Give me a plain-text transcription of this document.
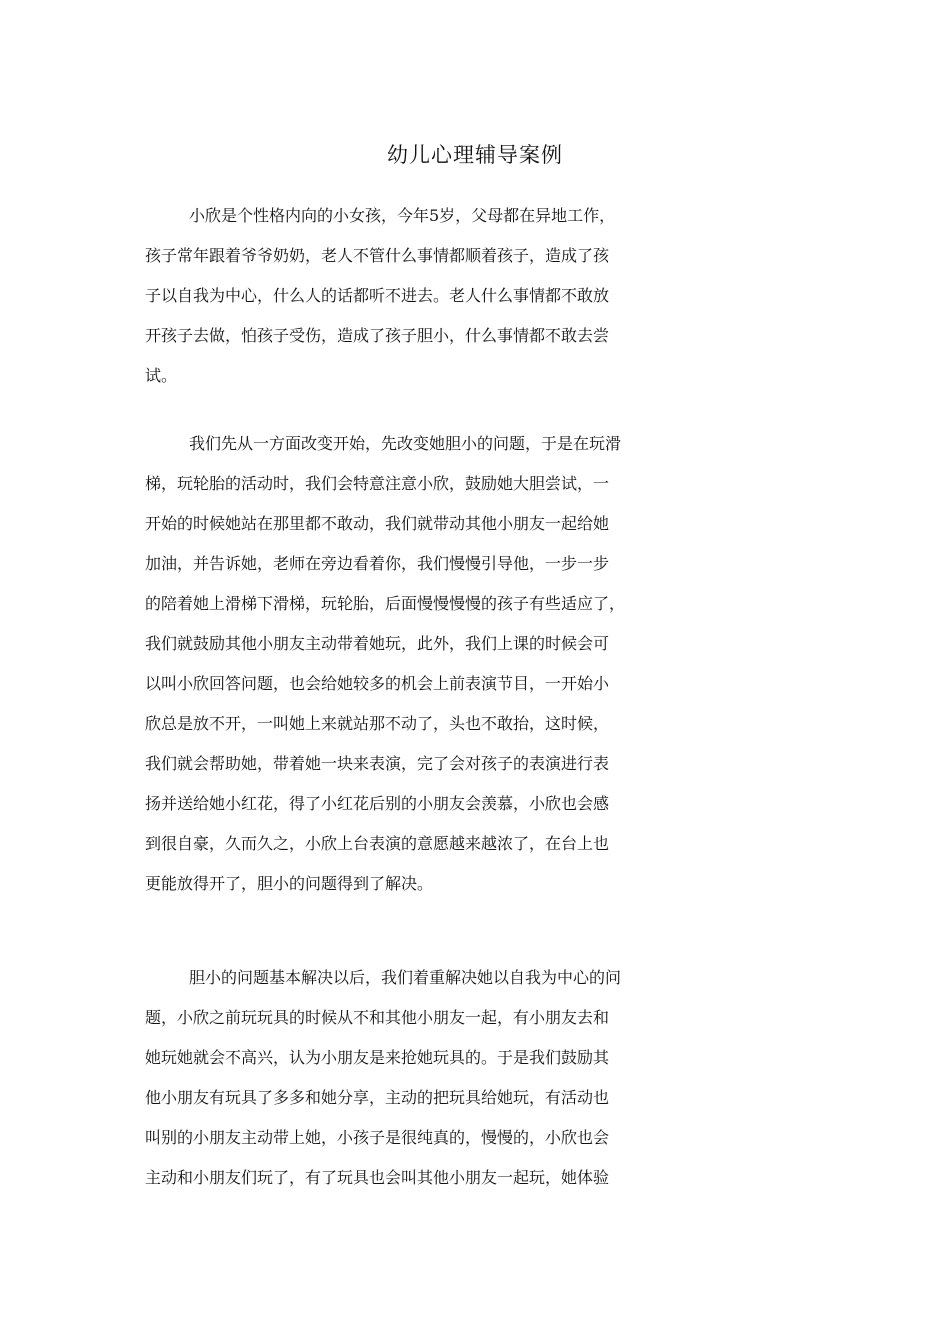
幼儿心理辅导案例
小欣是个性格内向的小女孩，今年5岁，父母都在异地工作，
孩子常年跟着爷爷奶奶，老人不管什么事情都顺着孩子，造成了孩
子以自我为中心，什么人的话都听不进去。老人什么事情都不敢放
开孩子去做，怕孩子受伤，造成了孩子胆小，什么事情都不敢去尝
试。
我们先从一方面改变开始，先改变她胆小的问题，于是在玩滑
梯，玩轮胎的活动时，我们会特意注意小欣，鼓励她大胆尝试，一
开始的时候她站在那里都不敢动，我们就带动其他小朋友一起给她
加油，并告诉她，老师在旁边看着你，我们慢慢引导他，一步一步
的陪着她上滑梯下滑梯，玩轮胎，后面慢慢慢慢的孩子有些适应了，
我们就鼓励其他小朋友主动带着她玩，此外，我们上课的时候会可
以叫小欣回答问题，也会给她较多的机会上前表演节目，一开始小
欣总是放不开，一叫她上来就站那不动了，头也不敢抬，这时候，
我们就会帮助她，带着她一块来表演，完了会对孩子的表演进行表
扬并送给她小红花，得了小红花后别的小朋友会羡慕，小欣也会感
到很自豪，久而久之，小欣上台表演的意愿越来越浓了，在台上也
更能放得开了，胆小的问题得到了解决。
胆小的问题基本解决以后，我们着重解决她以自我为中心的问
题，小欣之前玩玩具的时候从不和其他小朋友一起，有小朋友去和
她玩她就会不高兴，认为小朋友是来抢她玩具的。于是我们鼓励其
他小朋友有玩具了多多和她分享，主动的把玩具给她玩，有活动也
叫别的小朋友主动带上她，小孩子是很纯真的，慢慢的，小欣也会
主动和小朋友们玩了，有了玩具也会叫其他小朋友一起玩，她体验
